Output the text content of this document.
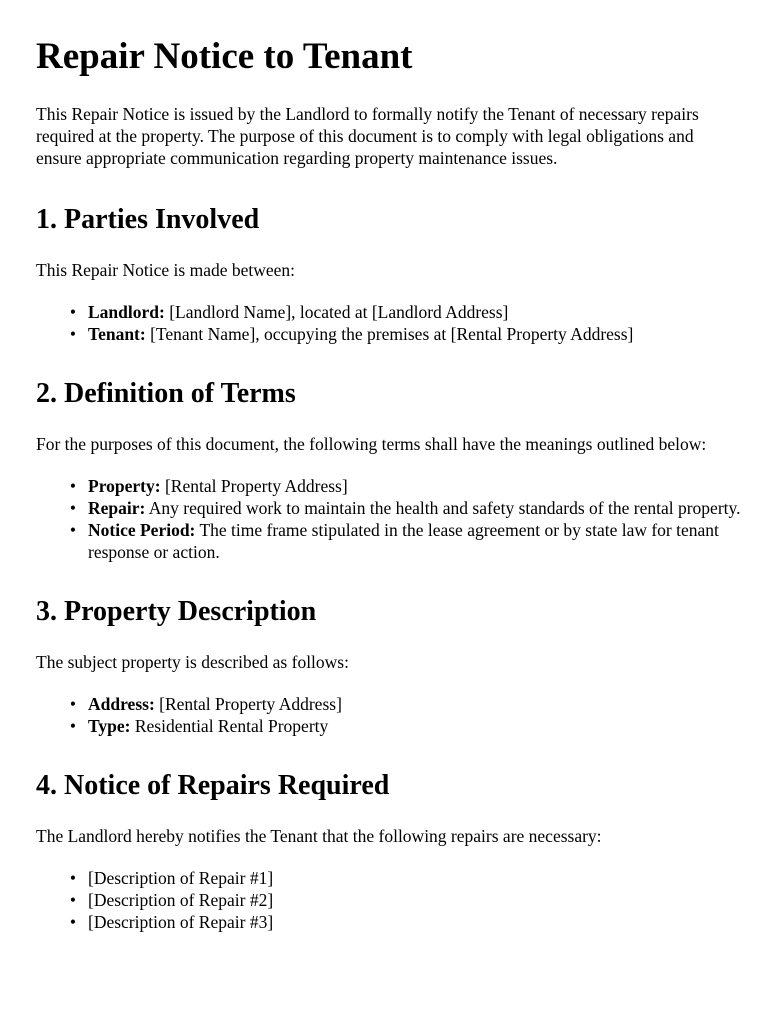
Repair Notice to Tenant

This Repair Notice is issued by the Landlord to formally notify the Tenant of necessary repairs required at the property. The purpose of this document is to comply with legal obligations and ensure appropriate communication regarding property maintenance issues.

1. Parties Involved

This Repair Notice is made between:

• Landlord: [Landlord Name], located at [Landlord Address]
• Tenant: [Tenant Name], occupying the premises at [Rental Property Address]
2. Definition of Terms

For the purposes of this document, the following terms shall have the meanings outlined below:

• Property: [Rental Property Address]
• Repair: Any required work to maintain the health and safety standards of the rental property.
• Notice Period: The time frame stipulated in the lease agreement or by state law for tenant response or action.
3. Property Description

The subject property is described as follows:

• Address: [Rental Property Address]
• Type: Residential Rental Property
4. Notice of Repairs Required

The Landlord hereby notifies the Tenant that the following repairs are necessary:

• [Description of Repair #1]
• [Description of Repair #2]
• [Description of Repair #3]
